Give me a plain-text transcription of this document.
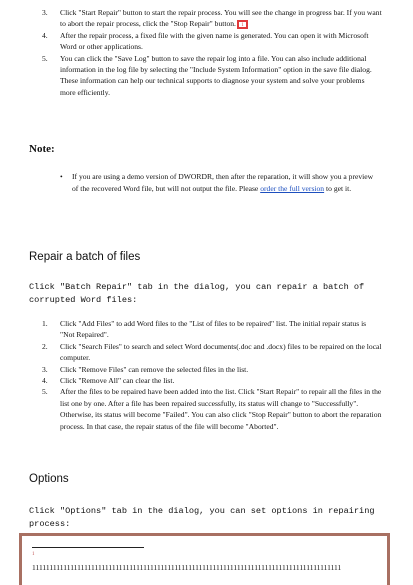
3. Click "Start Repair" button to start the repair process. You will see the change in progress bar. If you want to abort the repair process, click the "Stop Repair" button. 1
4. After the repair process, a fixed file with the given name is generated. You can open it with Microsoft Word or other applications.
5. You can click the "Save Log" button to save the repair log into a file. You can also include additional information in the log file by selecting the "Include System Information" option in the save file dialog. These information can help our technical supports to diagnose your system and solve your problems more efficiently.
Note:
• If you are using a demo version of DWORDR, then after the reparation, it will show you a preview of the recovered Word file, but will not output the file. Please order the full version to get it.
Repair a batch of files
Click "Batch Repair" tab in the dialog, you can repair a batch of corrupted Word files:
1. Click "Add Files" to add Word files to the "List of files to be repaired" list. The initial repair status is "Not Repaired".
2. Click "Search Files" to search and select Word documents(.doc and .docx) files to be repaired on the local computer.
3. Click "Remove Files" can remove the selected files in the list.
4. Click "Remove All" can clear the list.
5. After the files to be repaired have been added into the list. Click "Start Repair" to repair all the files in the list one by one. After a file has been repaired successfully, its status will change to "Successfully". Otherwise, its status will become "Failed". You can also click "Stop Repair" button to abort the reparation process. In that case, the repair status of the file will become "Aborted".
Options
Click "Options" tab in the dialog, you can set options in repairing process:
1
11111111111111111111111111111111111111111111111111111111111111111111111111111111111111111
